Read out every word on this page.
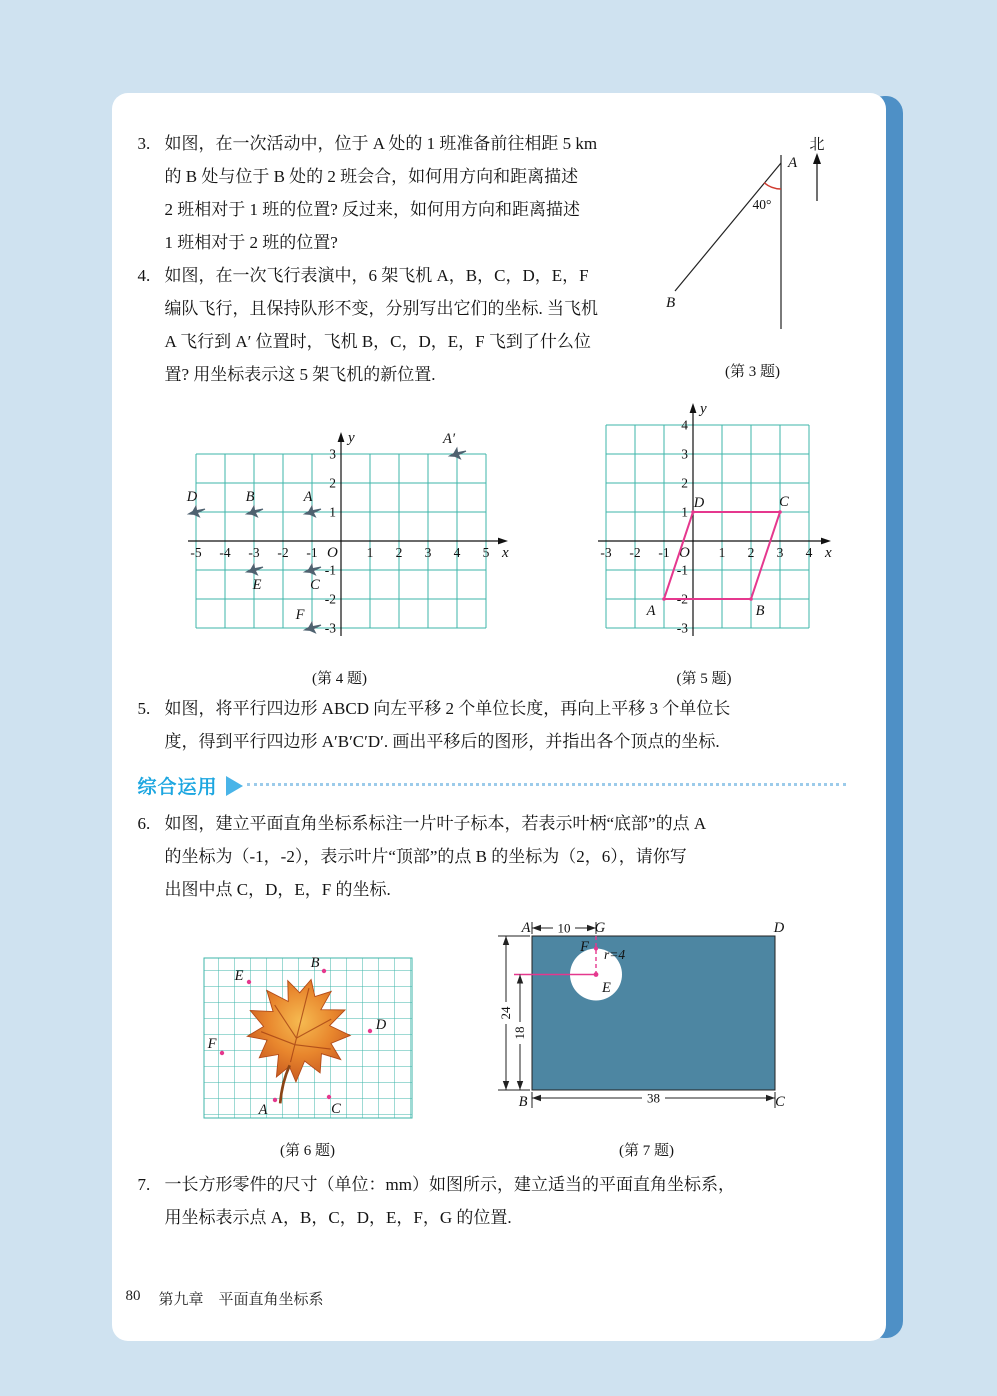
3. 如图，在一次活动中，位于 A 处的 1 班准备前往相距 5 km
的 B 处与位于 B 处的 2 班会合，如何用方向和距离描述
2 班相对于 1 班的位置? 反过来，如何用方向和距离描述
1 班相对于 2 班的位置?
4. 如图，在一次飞行表演中，6 架飞机 A，B，C，D，E，F
编队飞行，且保持队形不变，分别写出它们的坐标. 当飞机
A 飞行到 A′ 位置时，飞机 B，C，D，E，F 飞到了什么位
置? 用坐标表示这 5 架飞机的新位置.
北
A
B
40°
(第 3 题)
x
y
O
-5 -4 -3 -2 -1	1 2 3 4 5
3
2
1
-1
-2
-3
D	B	A
A′
E	C
F
(第 4 题)
x
y
O
-3 -2 -1	1 2 3 4
4
3
2
1
-1
-2
-3
D	C
B
A
(第 5 题)
5. 如图，将平行四边形 ABCD 向左平移 2 个单位长度，再向上平移 3 个单位长
度，得到平行四边形 A′B′C′D′. 画出平移后的图形，并指出各个顶点的坐标.
综合运用
6. 如图，建立平面直角坐标系标注一片叶子标本，若表示叶柄“底部”的点 A
的坐标为（-1，-2），表示叶片“顶部”的点 B 的坐标为（2，6），请你写
出图中点 C，D，E，F 的坐标.
E
B
D
F
A	C
(第 6 题)
10
24
18
38
r=4
A	G	D
B	C
F
E
(第 7 题)
7. 一长方形零件的尺寸（单位：mm）如图所示，建立适当的平面直角坐标系，
用坐标表示点 A，B，C，D，E，F，G 的位置.
80 第九章　平面直角坐标系
